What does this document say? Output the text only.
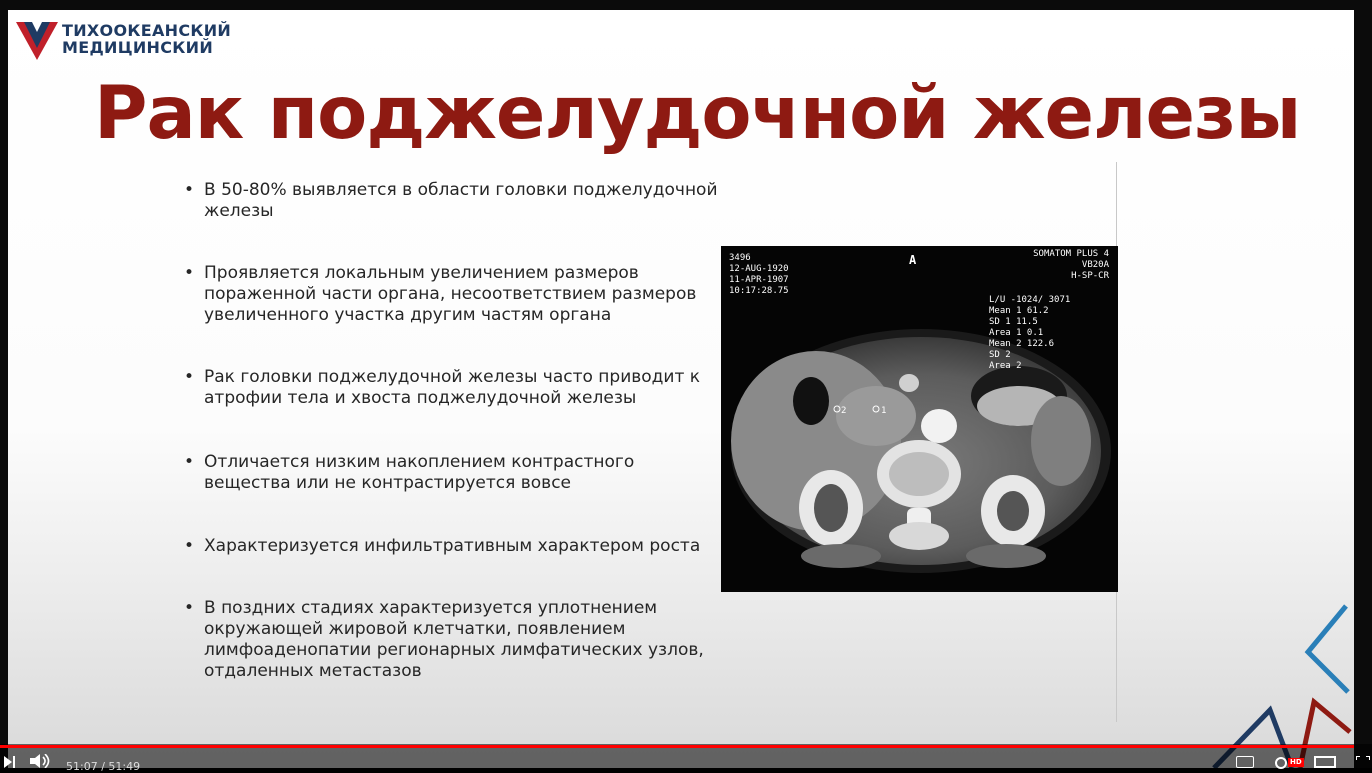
ТИХООКЕАНСКИЙ
МЕДИЦИНСКИЙ
Рак поджелудочной железы
• В 50-80% выявляется в области головки поджелудочной железы
• Проявляется локальным увеличением размеров пораженной части органа, несоответствием размеров увеличенного участка другим частям органа
• Рак головки поджелудочной железы часто приводит к атрофии тела и хвоста поджелудочной железы
• Отличается низким накоплением контрастного вещества или не контрастируется вовсе
• Характеризуется инфильтративным характером роста
• В поздних стадиях характеризуется уплотнением окружающей жировой клетчатки, появлением лимфоаденопатии регионарных лимфатических узлов, отдаленных метастазов
2	1
3496
12-AUG-1920
11-APR-1907
10:17:28.75
A	SOMATOM PLUS 4
VB20A
H-SP-CR
L/U -1024/ 3071
Mean 1 61.2
SD 1 11.5
Area 1 0.1
Mean 2 122.6
SD 2
Area 2
51:07 / 51:49	HD
